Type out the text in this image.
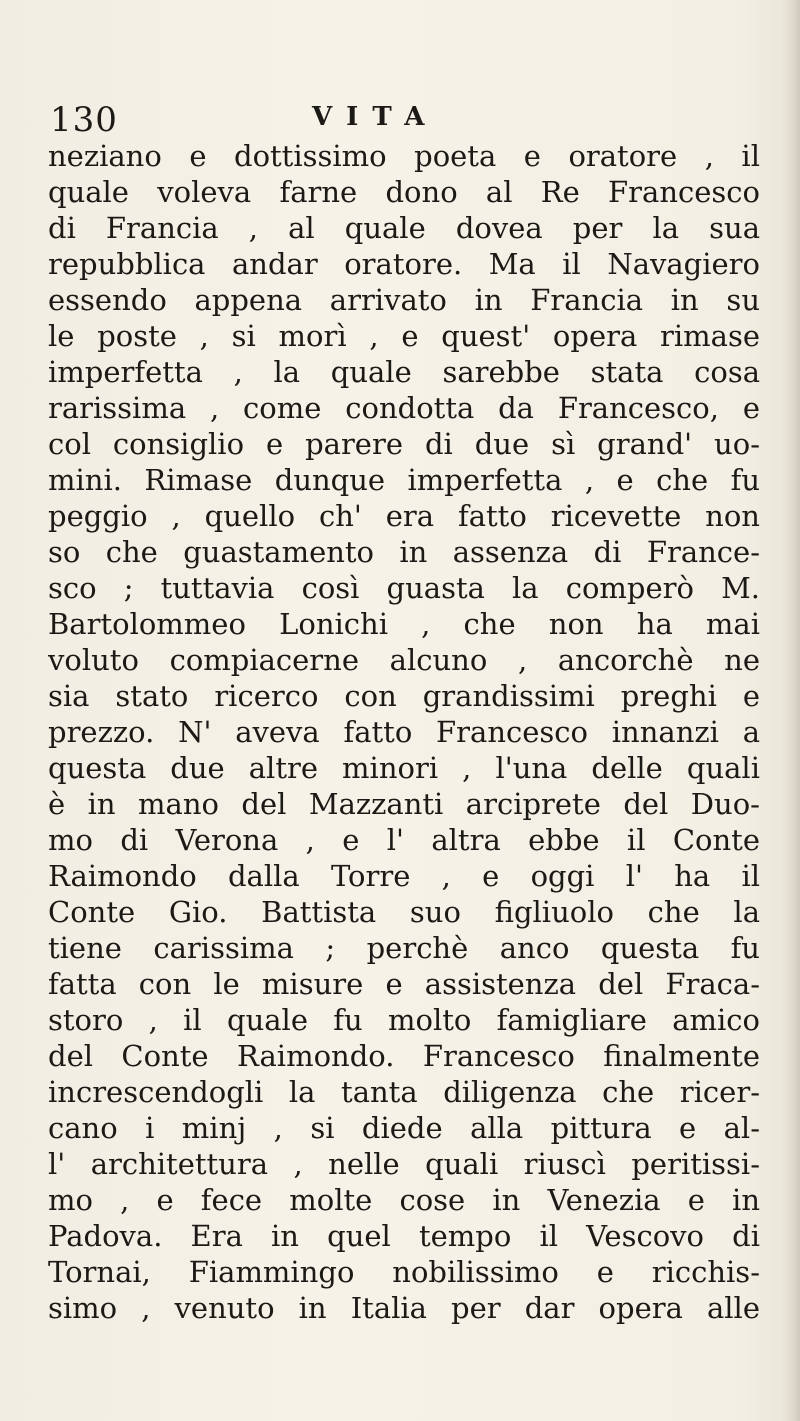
130	VITA
neziano e dottissimo poeta e oratore , il
quale voleva farne dono al Re Francesco
di Francia , al quale dovea per la sua
repubblica andar oratore. Ma il Navagiero
essendo appena arrivato in Francia in su
le poste , si morì , e quest' opera rimase
imperfetta , la quale sarebbe stata cosa
rarissima , come condotta da Francesco, e
col consiglio e parere di due sì grand' uo-
mini. Rimase dunque imperfetta , e che fu
peggio , quello ch' era fatto ricevette non
so che guastamento in assenza di France-
sco ; tuttavia così guasta la comperò M.
Bartolommeo Lonichi , che non ha mai
voluto compiacerne alcuno , ancorchè ne
sia stato ricerco con grandissimi preghi e
prezzo. N' aveva fatto Francesco innanzi a
questa due altre minori , l'una delle quali
è in mano del Mazzanti arciprete del Duo-
mo di Verona , e l' altra ebbe il Conte
Raimondo dalla Torre , e oggi l' ha il
Conte Gio. Battista suo figliuolo che la
tiene carissima ; perchè anco questa fu
fatta con le misure e assistenza del Fraca-
storo , il quale fu molto famigliare amico
del Conte Raimondo. Francesco finalmente
increscendogli la tanta diligenza che ricer-
cano i minj , si diede alla pittura e al-
l' architettura , nelle quali riuscì peritissi-
mo , e fece molte cose in Venezia e in
Padova. Era in quel tempo il Vescovo di
Tornai, Fiammingo nobilissimo e ricchis-
simo , venuto in Italia per dar opera alle
